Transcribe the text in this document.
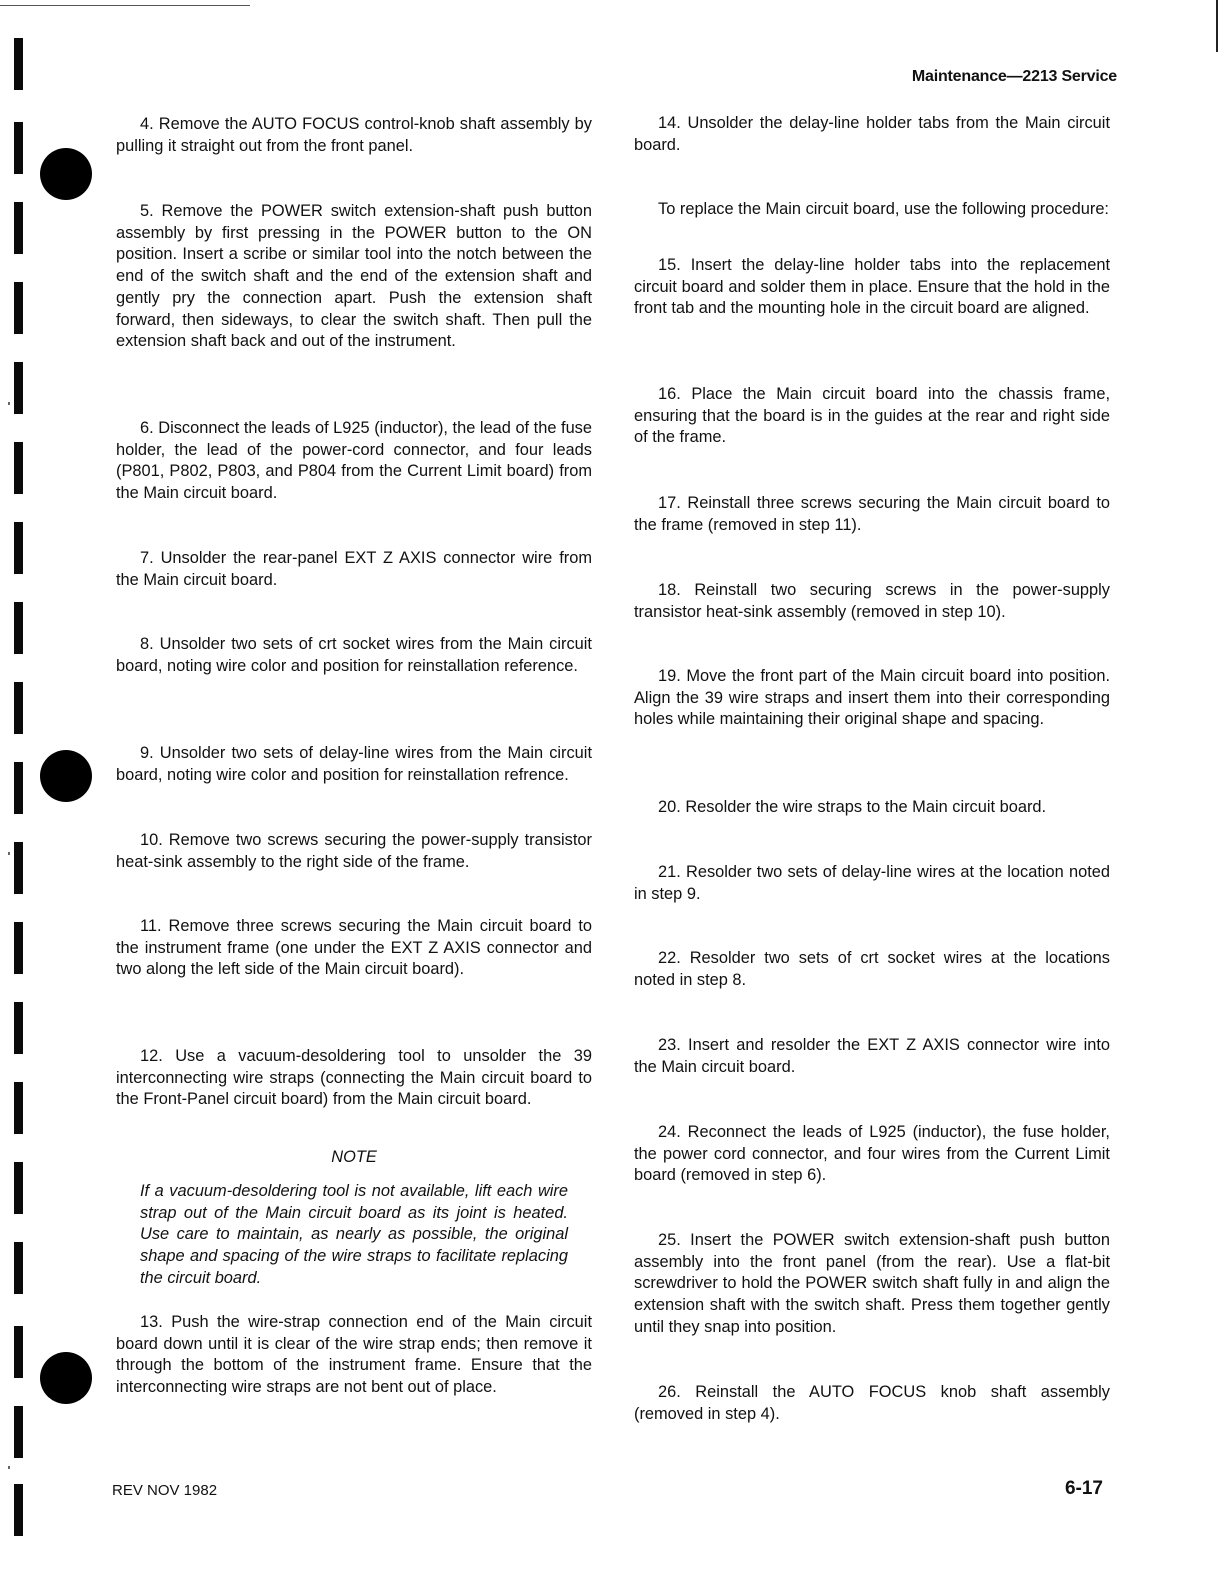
Maintenance—2213 Service

4. Remove the AUTO FOCUS control-knob shaft assembly by pulling it straight out from the front panel.

5. Remove the POWER switch extension-shaft push button assembly by first pressing in the POWER button to the ON position. Insert a scribe or similar tool into the notch between the end of the switch shaft and the end of the extension shaft and gently pry the connection apart. Push the extension shaft forward, then sideways, to clear the switch shaft. Then pull the extension shaft back and out of the instrument.

6. Disconnect the leads of L925 (inductor), the lead of the fuse holder, the lead of the power-cord connector, and four leads (P801, P802, P803, and P804 from the Current Limit board) from the Main circuit board.

7. Unsolder the rear-panel EXT Z AXIS connector wire from the Main circuit board.

8. Unsolder two sets of crt socket wires from the Main circuit board, noting wire color and position for reinstallation reference.

9. Unsolder two sets of delay-line wires from the Main circuit board, noting wire color and position for reinstallation refrence.

10. Remove two screws securing the power-supply transistor heat-sink assembly to the right side of the frame.

11. Remove three screws securing the Main circuit board to the instrument frame (one under the EXT Z AXIS connector and two along the left side of the Main circuit board).

12. Use a vacuum-desoldering tool to unsolder the 39 interconnecting wire straps (connecting the Main circuit board to the Front-Panel circuit board) from the Main circuit board.

NOTE
If a vacuum-desoldering tool is not available, lift each wire strap out of the Main circuit board as its joint is heated. Use care to maintain, as nearly as possible, the original shape and spacing of the wire straps to facilitate replacing the circuit board.

13. Push the wire-strap connection end of the Main circuit board down until it is clear of the wire strap ends; then remove it through the bottom of the instrument frame. Ensure that the interconnecting wire straps are not bent out of place.

14. Unsolder the delay-line holder tabs from the Main circuit board.

To replace the Main circuit board, use the following procedure:

15. Insert the delay-line holder tabs into the replacement circuit board and solder them in place. Ensure that the hold in the front tab and the mounting hole in the circuit board are aligned.

16. Place the Main circuit board into the chassis frame, ensuring that the board is in the guides at the rear and right side of the frame.

17. Reinstall three screws securing the Main circuit board to the frame (removed in step 11).

18. Reinstall two securing screws in the power-supply transistor heat-sink assembly (removed in step 10).

19. Move the front part of the Main circuit board into position. Align the 39 wire straps and insert them into their corresponding holes while maintaining their original shape and spacing.

20. Resolder the wire straps to the Main circuit board.

21. Resolder two sets of delay-line wires at the location noted in step 9.

22. Resolder two sets of crt socket wires at the locations noted in step 8.

23. Insert and resolder the EXT Z AXIS connector wire into the Main circuit board.

24. Reconnect the leads of L925 (inductor), the fuse holder, the power cord connector, and four wires from the Current Limit board (removed in step 6).

25. Insert the POWER switch extension-shaft push button assembly into the front panel (from the rear). Use a flat-bit screwdriver to hold the POWER switch shaft fully in and align the extension shaft with the switch shaft. Press them together gently until they snap into position.

26. Reinstall the AUTO FOCUS knob shaft assembly (removed in step 4).

REV NOV 1982	6-17
